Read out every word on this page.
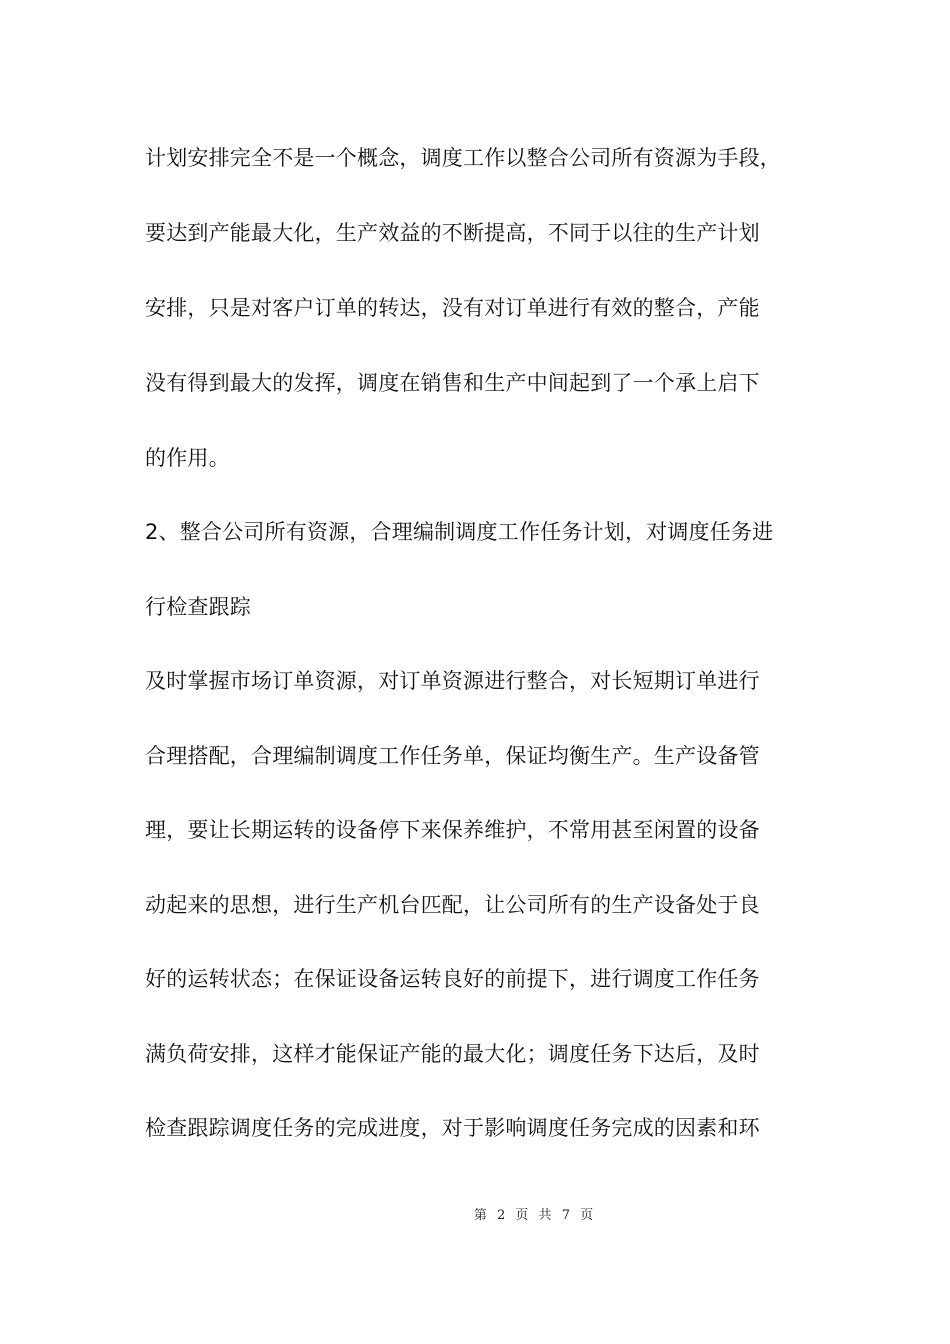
计划安排完全不是一个概念，调度工作以整合公司所有资源为手段，

要达到产能最大化，生产效益的不断提高，不同于以往的生产计划

安排，只是对客户订单的转达，没有对订单进行有效的整合，产能

没有得到最大的发挥，调度在销售和生产中间起到了一个承上启下

的作用。

2、整合公司所有资源，合理编制调度工作任务计划，对调度任务进

行检查跟踪

及时掌握市场订单资源，对订单资源进行整合，对长短期订单进行

合理搭配，合理编制调度工作任务单，保证均衡生产。生产设备管

理，要让长期运转的设备停下来保养维护，不常用甚至闲置的设备

动起来的思想，进行生产机台匹配，让公司所有的生产设备处于良

好的运转状态；在保证设备运转良好的前提下，进行调度工作任务

满负荷安排，这样才能保证产能的最大化；调度任务下达后，及时

检查跟踪调度任务的完成进度，对于影响调度任务完成的因素和环

第 2 页 共 7 页
